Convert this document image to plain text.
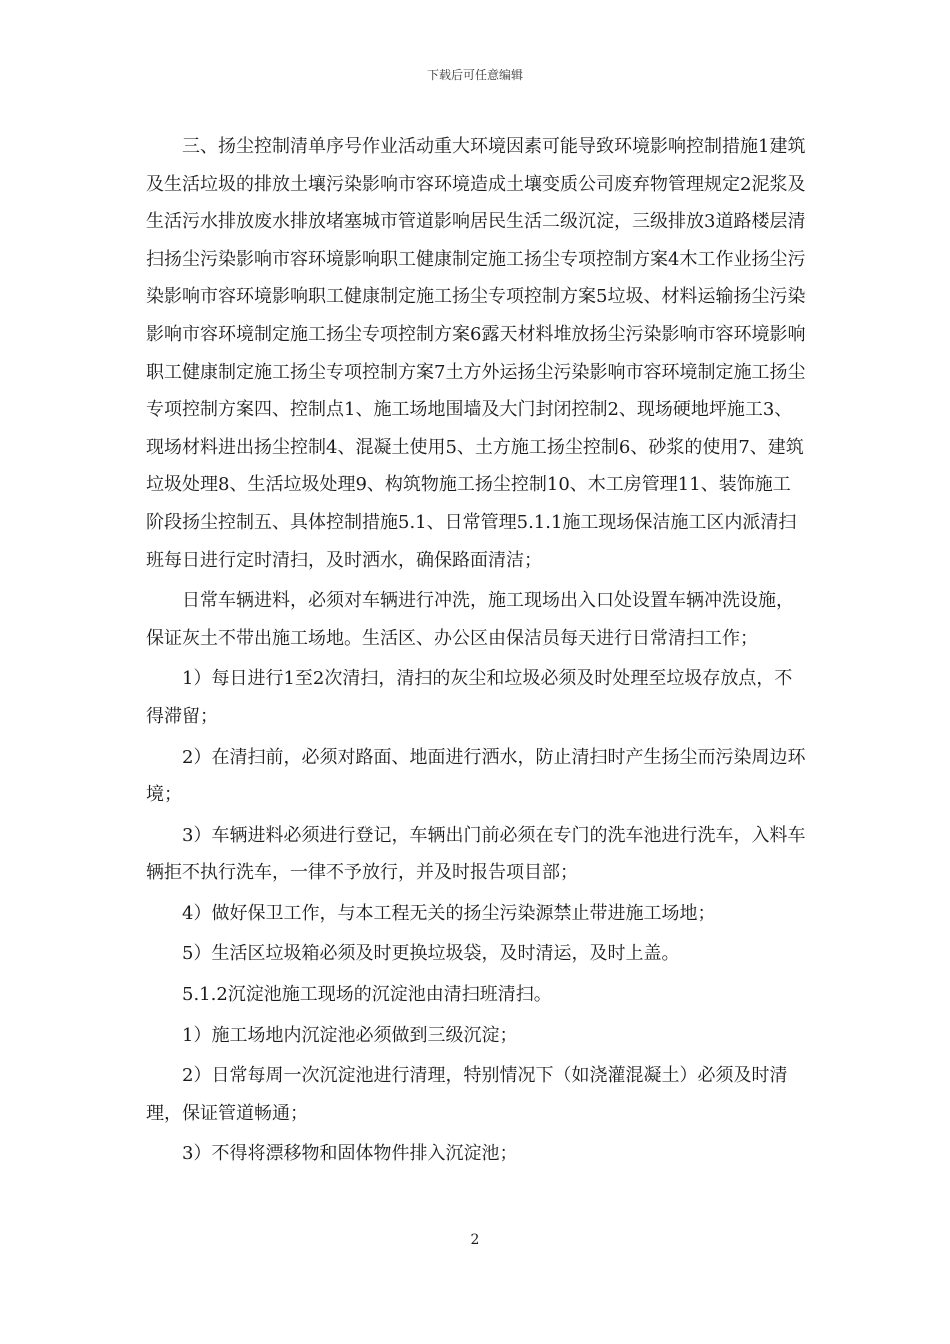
下载后可任意编辑

三、扬尘控制清单序号作业活动重大环境因素可能导致环境影响控制措施1建筑及生活垃圾的排放土壤污染影响市容环境造成土壤变质公司废弃物管理规定2泥浆及生活污水排放废水排放堵塞城市管道影响居民生活二级沉淀，三级排放3道路楼层清扫扬尘污染影响市容环境影响职工健康制定施工扬尘专项控制方案4木工作业扬尘污染影响市容环境影响职工健康制定施工扬尘专项控制方案5垃圾、材料运输扬尘污染影响市容环境制定施工扬尘专项控制方案6露天材料堆放扬尘污染影响市容环境影响职工健康制定施工扬尘专项控制方案7土方外运扬尘污染影响市容环境制定施工扬尘专项控制方案四、控制点1、施工场地围墙及大门封闭控制2、现场硬地坪施工3、现场材料进出扬尘控制4、混凝土使用5、土方施工扬尘控制6、砂浆的使用7、建筑垃圾处理8、生活垃圾处理9、构筑物施工扬尘控制10、木工房管理11、装饰施工阶段扬尘控制五、具体控制措施5.1、日常管理5.1.1施工现场保洁施工区内派清扫班每日进行定时清扫，及时洒水，确保路面清洁；

日常车辆进料，必须对车辆进行冲洗，施工现场出入口处设置车辆冲洗设施，保证灰土不带出施工场地。生活区、办公区由保洁员每天进行日常清扫工作；

1）每日进行1至2次清扫，清扫的灰尘和垃圾必须及时处理至垃圾存放点，不得滞留；

2）在清扫前，必须对路面、地面进行洒水，防止清扫时产生扬尘而污染周边环境；

3）车辆进料必须进行登记，车辆出门前必须在专门的洗车池进行洗车，入料车辆拒不执行洗车，一律不予放行，并及时报告项目部；

4）做好保卫工作，与本工程无关的扬尘污染源禁止带进施工场地；

5）生活区垃圾箱必须及时更换垃圾袋，及时清运，及时上盖。

5.1.2沉淀池施工现场的沉淀池由清扫班清扫。

1）施工场地内沉淀池必须做到三级沉淀；

2）日常每周一次沉淀池进行清理，特别情况下（如浇灌混凝土）必须及时清理，保证管道畅通；

3）不得将漂移物和固体物件排入沉淀池；

2
